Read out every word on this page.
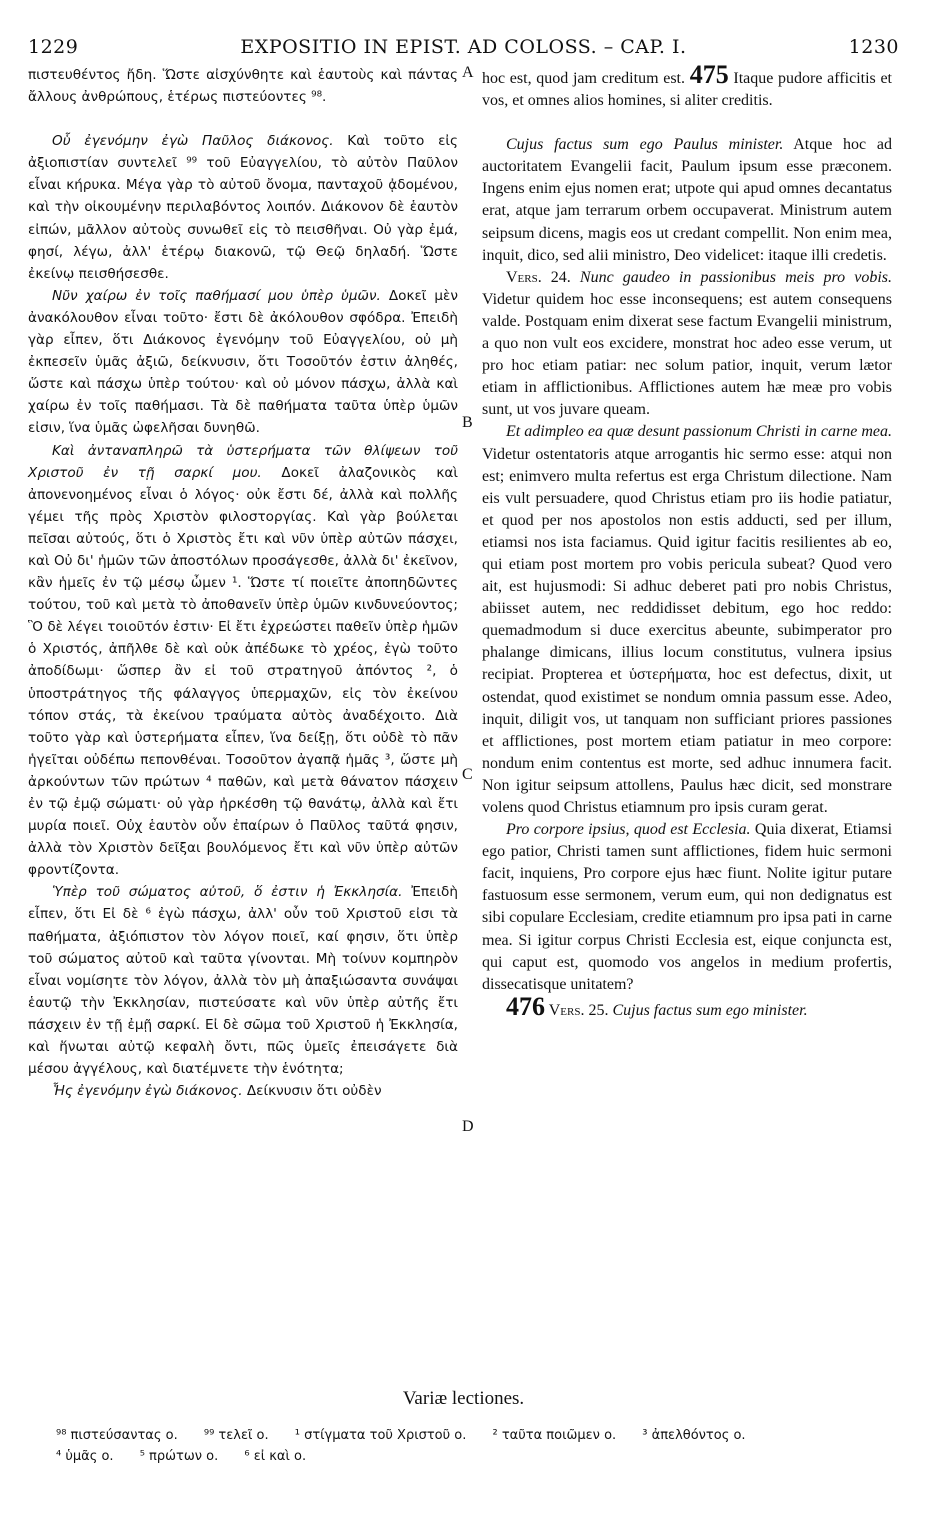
1229	EXPOSITIO IN EPIST. AD COLOSS. – CAP. I.	1230

πιστευθέντος ἤδη. Ὥστε αἰσχύνθητε καὶ ἑαυτοὺς καὶ πάντας ἄλλους ἀνθρώπους, ἑτέρως πιστεύοντες ⁹⁸.

Οὗ ἐγενόμην ἐγὼ Παῦλος διάκονος. Καὶ τοῦτο εἰς ἀξιοπιστίαν συντελεῖ ⁹⁹ τοῦ Εὐαγγελίου, τὸ αὐτὸν Παῦλον εἶναι κήρυκα. Μέγα γὰρ τὸ αὐτοῦ ὄνομα, πανταχοῦ ᾀδομένου, καὶ τὴν οἰκουμένην περιλαβόντος λοιπόν. Διάκονον δὲ ἑαυτὸν εἰπών, μᾶλλον αὐτοὺς συνωθεῖ εἰς τὸ πεισθῆναι. Οὐ γὰρ ἐμά, φησί, λέγω, ἀλλ' ἑτέρῳ διακονῶ, τῷ Θεῷ δηλαδή. Ὥστε ἐκείνῳ πεισθήσεσθε.

Νῦν χαίρω ἐν τοῖς παθήμασί μου ὑπὲρ ὑμῶν. Δοκεῖ μὲν ἀνακόλουθον εἶναι τοῦτο· ἔστι δὲ ἀκόλουθον σφόδρα. Ἐπειδὴ γὰρ εἶπεν, ὅτι Διάκονος ἐγενόμην τοῦ Εὐαγγελίου, οὐ μὴ ἐκπεσεῖν ὑμᾶς ἀξιῶ, δείκνυσιν, ὅτι Τοσοῦτόν ἐστιν ἀληθές, ὥστε καὶ πάσχω ὑπὲρ τούτου· καὶ οὐ μόνον πάσχω, ἀλλὰ καὶ χαίρω ἐν τοῖς παθήμασι. Τὰ δὲ παθήματα ταῦτα ὑπὲρ ὑμῶν εἰσιν, ἵνα ὑμᾶς ὠφελῆσαι δυνηθῶ.

Καὶ ἀνταναπληρῶ τὰ ὑστερήματα τῶν θλίψεων τοῦ Χριστοῦ ἐν τῇ σαρκί μου. Δοκεῖ ἀλαζονικὸς καὶ ἀπονενοημένος εἶναι ὁ λόγος· οὐκ ἔστι δέ, ἀλλὰ καὶ πολλῆς γέμει τῆς πρὸς Χριστὸν φιλοστοργίας. Καὶ γὰρ βούλεται πεῖσαι αὐτούς, ὅτι ὁ Χριστὸς ἔτι καὶ νῦν ὑπὲρ αὐτῶν πάσχει, καὶ Οὐ δι' ἡμῶν τῶν ἀποστόλων προσάγεσθε, ἀλλὰ δι' ἐκεῖνον, κἂν ἡμεῖς ἐν τῷ μέσῳ ὦμεν ¹. Ὥστε τί ποιεῖτε ἀποπηδῶντες τούτου, τοῦ καὶ μετὰ τὸ ἀποθανεῖν ὑπὲρ ὑμῶν κινδυνεύοντος; Ὃ δὲ λέγει τοιοῦτόν ἐστιν· Εἰ ἔτι ἐχρεώστει παθεῖν ὑπὲρ ἡμῶν ὁ Χριστός, ἀπῆλθε δὲ καὶ οὐκ ἀπέδωκε τὸ χρέος, ἐγὼ τοῦτο ἀποδίδωμι· ὥσπερ ἂν εἰ τοῦ στρατηγοῦ ἀπόντος ², ὁ ὑποστράτηγος τῆς φάλαγγος ὑπερμαχῶν, εἰς τὸν ἐκείνου τόπον στάς, τὰ ἐκείνου τραύματα αὐτὸς ἀναδέχοιτο. Διὰ τοῦτο γὰρ καὶ ὑστερήματα εἶπεν, ἵνα δείξῃ, ὅτι οὐδὲ τὸ πᾶν ἡγεῖται οὐδέπω πεπονθέναι. Τοσοῦτον ἀγαπᾷ ἡμᾶς ³, ὥστε μὴ ἀρκούντων τῶν πρώτων ⁴ παθῶν, καὶ μετὰ θάνατον πάσχειν ἐν τῷ ἐμῷ σώματι· οὐ γὰρ ἠρκέσθη τῷ θανάτῳ, ἀλλὰ καὶ ἔτι μυρία ποιεῖ. Οὐχ ἑαυτὸν οὖν ἐπαίρων ὁ Παῦλος ταῦτά φησιν, ἀλλὰ τὸν Χριστὸν δεῖξαι βουλόμενος ἔτι καὶ νῦν ὑπὲρ αὐτῶν φροντίζοντα.

Ὑπὲρ τοῦ σώματος αὐτοῦ, ὅ ἐστιν ἡ Ἐκκλησία. Ἐπειδὴ εἶπεν, ὅτι Εἰ δὲ ⁶ ἐγὼ πάσχω, ἀλλ' οὖν τοῦ Χριστοῦ εἰσι τὰ παθήματα, ἀξιόπιστον τὸν λόγον ποιεῖ, καί φησιν, ὅτι ὑπὲρ τοῦ σώματος αὐτοῦ καὶ ταῦτα γίνονται. Μὴ τοίνυν κομπηρὸν εἶναι νομίσητε τὸν λόγον, ἀλλὰ τὸν μὴ ἀπαξιώσαντα συνάψαι ἑαυτῷ τὴν Ἐκκλησίαν, πιστεύσατε καὶ νῦν ὑπὲρ αὐτῆς ἔτι πάσχειν ἐν τῇ ἐμῇ σαρκί. Εἰ δὲ σῶμα τοῦ Χριστοῦ ἡ Ἐκκλησία, καὶ ἥνωται αὐτῷ κεφαλὴ ὄντι, πῶς ὑμεῖς ἐπεισάγετε διὰ μέσου ἀγγέλους, καὶ διατέμνετε τὴν ἑνότητα;

Ἧς ἐγενόμην ἐγὼ διάκονος. Δείκνυσιν ὅτι οὐδὲν

A
B
C
D

hoc est, quod jam creditum est. 475 Itaque pudore afficitis et vos, et omnes alios homines, si aliter creditis.

Cujus factus sum ego Paulus minister. Atque hoc ad auctoritatem Evangelii facit, Paulum ipsum esse præconem. Ingens enim ejus nomen erat; utpote qui apud omnes decantatus erat, atque jam terrarum orbem occupaverat. Ministrum autem seipsum dicens, magis eos ut credant compellit. Non enim mea, inquit, dico, sed alii ministro, Deo videlicet: itaque illi credetis.

Vers. 24. Nunc gaudeo in passionibus meis pro vobis. Videtur quidem hoc esse inconsequens; est autem consequens valde. Postquam enim dixerat sese factum Evangelii ministrum, a quo non vult eos excidere, monstrat hoc adeo esse verum, ut pro hoc etiam patiar: nec solum patior, inquit, verum lætor etiam in afflictionibus. Afflictiones autem hæ meæ pro vobis sunt, ut vos juvare queam.

Et adimpleo ea quæ desunt passionum Christi in carne mea. Videtur ostentatoris atque arrogantis hic sermo esse: atqui non est; enimvero multa refertus est erga Christum dilectione. Nam eis vult persuadere, quod Christus etiam pro iis hodie patiatur, et quod per nos apostolos non estis adducti, sed per illum, etiamsi nos ista faciamus. Quid igitur facitis resilientes ab eo, qui etiam post mortem pro vobis pericula subeat? Quod vero ait, est hujusmodi: Si adhuc deberet pati pro nobis Christus, abiisset autem, nec reddidisset debitum, ego hoc reddo: quemadmodum si duce exercitus abeunte, subimperator pro phalange dimicans, illius locum constitutus, vulnera ipsius recipiat. Propterea et ὑστερήματα, hoc est defectus, dixit, ut ostendat, quod existimet se nondum omnia passum esse. Adeo, inquit, diligit vos, ut tanquam non sufficiant priores passiones et afflictiones, post mortem etiam patiatur in meo corpore: nondum enim contentus est morte, sed adhuc innumera facit. Non igitur seipsum attollens, Paulus hæc dicit, sed monstrare volens quod Christus etiamnum pro ipsis curam gerat.

Pro corpore ipsius, quod est Ecclesia. Quia dixerat, Etiamsi ego patior, Christi tamen sunt afflictiones, fidem huic sermoni facit, inquiens, Pro corpore ejus hæc fiunt. Nolite igitur putare fastuosum esse sermonem, verum eum, qui non dedignatus est sibi copulare Ecclesiam, credite etiamnum pro ipsa pati in carne mea. Si igitur corpus Christi Ecclesia est, eique conjuncta est, qui caput est, quomodo vos angelos in medium profertis, dissecatisque unitatem?

476 Vers. 25. Cujus factus sum ego minister.

Variæ lectiones.
⁹⁸ πιστεύσαντας ο. ⁹⁹ τελεῖ ο. ¹ στίγματα τοῦ Χριστοῦ ο. ² ταῦτα ποιῶμεν ο. ³ ἀπελθόντος ο.
⁴ ὑμᾶς ο. ⁵ πρώτων ο. ⁶ εἰ καὶ ο.
